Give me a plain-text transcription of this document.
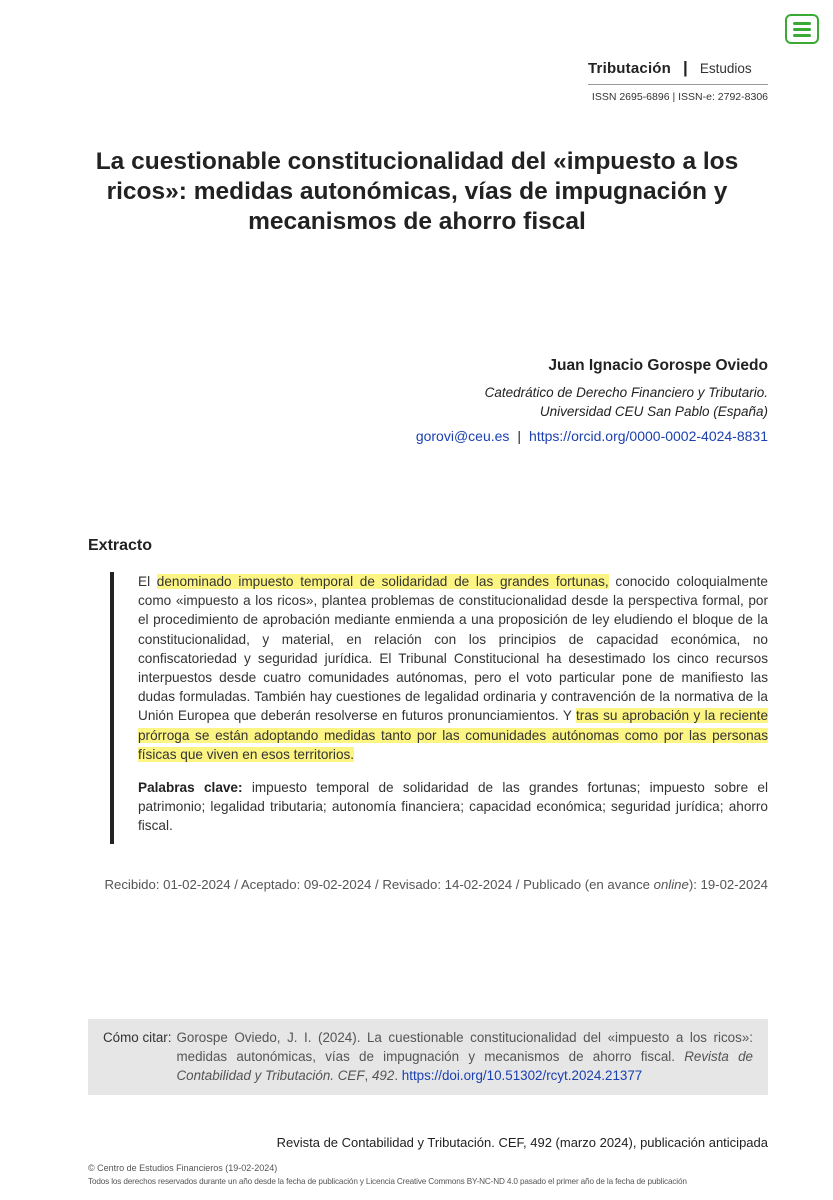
Tributación | Estudios
ISSN 2695-6896 | ISSN-e: 2792-8306
La cuestionable constitucionalidad del «impuesto a los ricos»: medidas autonómicas, vías de impugnación y mecanismos de ahorro fiscal
Juan Ignacio Gorospe Oviedo
Catedrático de Derecho Financiero y Tributario.
Universidad CEU San Pablo (España)
gorovi@ceu.es | https://orcid.org/0000-0002-4024-8831
Extracto

El denominado impuesto temporal de solidaridad de las grandes fortunas, conocido coloquialmente como «impuesto a los ricos», plantea problemas de constitucionalidad desde la perspectiva formal, por el procedimiento de aprobación mediante enmienda a una proposición de ley eludiendo el bloque de la constitucionalidad, y material, en relación con los principios de capacidad económica, no confiscatoriedad y seguridad jurídica. El Tribunal Constitucional ha desestimado los cinco recursos interpuestos desde cuatro comunidades autónomas, pero el voto particular pone de manifiesto las dudas formuladas. También hay cuestiones de legalidad ordinaria y contravención de la normativa de la Unión Europea que deberán resolverse en futuros pronunciamientos. Y tras su aprobación y la reciente prórroga se están adoptando medidas tanto por las comunidades autónomas como por las personas físicas que viven en esos territorios.

Palabras clave: impuesto temporal de solidaridad de las grandes fortunas; impuesto sobre el patrimonio; legalidad tributaria; autonomía financiera; capacidad económica; seguridad jurídica; ahorro fiscal.

Recibido: 01-02-2024 / Aceptado: 09-02-2024 / Revisado: 14-02-2024 / Publicado (en avance online): 19-02-2024
Cómo citar: Gorospe Oviedo, J. I. (2024). La cuestionable constitucionalidad del «impuesto a los ricos»: medidas autonómicas, vías de impugnación y mecanismos de ahorro fiscal. Revista de Contabilidad y Tributación. CEF, 492. https://doi.org/10.51302/rcyt.2024.21377
Revista de Contabilidad y Tributación. CEF, 492 (marzo 2024), publicación anticipada
© Centro de Estudios Financieros (19-02-2024)
Todos los derechos reservados durante un año desde la fecha de publicación y Licencia Creative Commons BY-NC-ND 4.0 pasado el primer año de la fecha de publicación
